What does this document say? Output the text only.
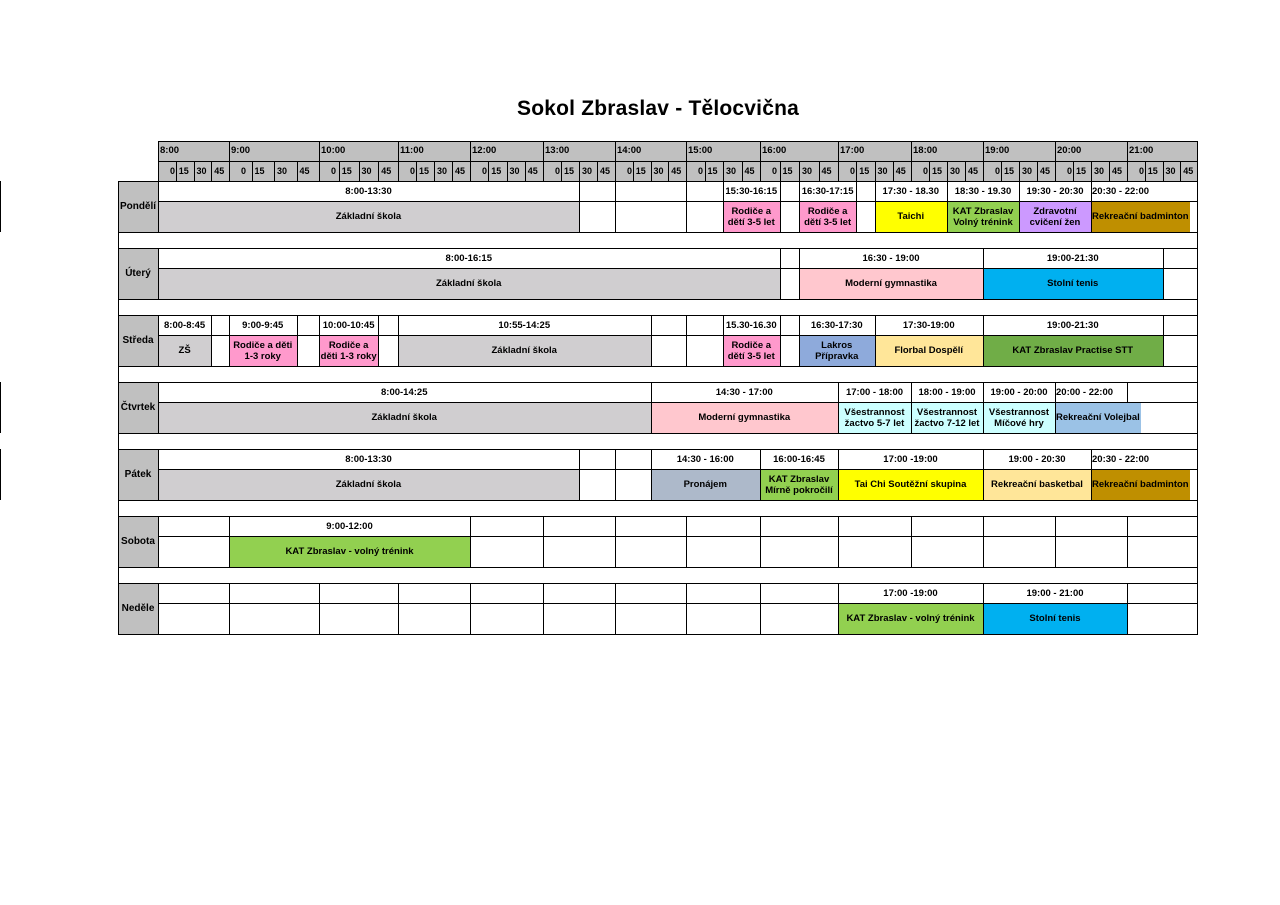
Sokol Zbraslav - Tělocvična
8:00
0 15 30 45
9:00
0 15 30 45
10:00
0 15 30 45
11:00
0 15 30 45
12:00
0 15 30 45
13:00
0 15 30 45
14:00
0 15 30 45
15:00
0 15 30 45
16:00
0 15 30 45
17:00
0 15 30 45
18:00
0 15 30 45
19:00
0 15 30 45
20:00
0 15 30 45
21:00
0 15 30 45
Pondělí
8:00-13:30
Základní škola
15:30-16:15
Rodiče a dětí 3-5 let
16:30-17:15
Rodiče a dětí 3-5 let
17:30 - 18.30
Taichi
18:30 - 19.30
KAT Zbraslav Volný trénink
19:30 - 20:30
Zdravotní cvičení žen
20:30 - 22:00
Rekreační badminton
Úterý
8:00-16:15
Základní škola
16:30 - 19:00
Moderní gymnastika
19:00-21:30
Stolní tenis
Středa
8:00-8:45
ZŠ
9:00-9:45
Rodiče a děti 1-3 roky
10:00-10:45
Rodiče a děti 1-3 roky
10:55-14:25
Základní škola
15.30-16.30
Rodiče a dětí 3-5 let
16:30-17:30
Lakros Přípravka
17:30-19:00
Florbal Dospělí
19:00-21:30
KAT Zbraslav Practise STT
Čtvrtek
8:00-14:25
Základní škola
14:30 - 17:00
Moderní gymnastika
17:00 - 18:00
Všestrannost žactvo 5-7 let
18:00 - 19:00
Všestrannost žactvo 7-12 let
19:00 - 20:00
Všestrannost Míčové hry
20:00 - 22:00
Rekreační Volejbal
Pátek
8:00-13:30
Základní škola
14:30 - 16:00
Pronájem
16:00-16:45
KAT Zbraslav Mírně pokročilí
17:00 -19:00
Tai Chi Soutěžní skupina
19:00 - 20:30
Rekreační basketbal
20:30 - 22:00
Rekreační badminton
Sobota
9:00-12:00
KAT Zbraslav - volný trénink
Neděle
17:00 -19:00
KAT Zbraslav - volný trénink
19:00 - 21:00
Stolní tenis
